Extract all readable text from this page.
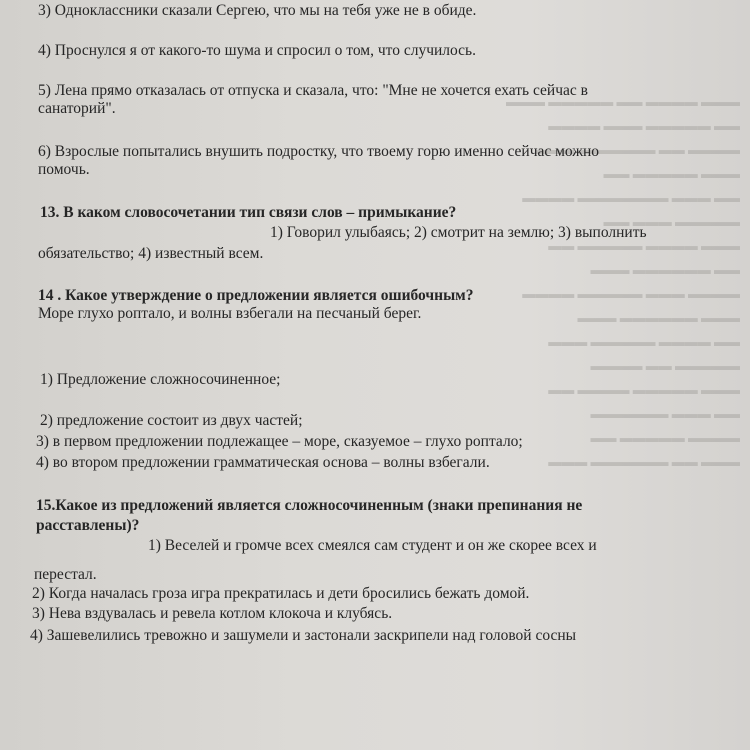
▬▬▬ ▬▬▬▬ ▬▬ ▬▬▬▬▬ ▬▬▬
▬▬ ▬▬▬▬▬ ▬▬▬ ▬▬▬▬
▬▬▬▬ ▬▬ ▬▬▬▬▬▬ ▬▬▬
▬▬▬ ▬▬▬▬▬ ▬▬
▬▬ ▬▬▬ ▬▬▬▬▬▬▬ ▬▬▬▬
▬▬▬▬▬ ▬▬▬ ▬▬
▬▬▬ ▬▬▬▬ ▬▬▬▬▬ ▬▬
▬▬ ▬▬▬▬▬▬ ▬▬▬
▬▬▬▬ ▬▬▬ ▬▬▬▬▬ ▬▬▬▬
▬▬▬ ▬▬▬▬▬▬ ▬▬▬
▬▬ ▬▬▬▬ ▬▬▬▬▬ ▬▬▬
▬▬▬▬▬ ▬▬ ▬▬▬▬
▬▬▬ ▬▬▬▬▬ ▬▬▬▬ ▬▬
▬▬ ▬▬▬ ▬▬▬▬▬▬
▬▬▬▬ ▬▬▬▬▬ ▬▬
▬▬▬ ▬▬ ▬▬▬▬▬▬ ▬▬▬
3) Одноклассники сказали Сергею, что мы на тебя уже не в обиде.
4) Проснулся я от какого-то шума и спросил о том, что случилось.
5) Лена прямо отказалась от отпуска и сказала, что: "Мне не хочется ехать сейчас в
санаторий".
6) Взрослые попытались внушить подростку, что твоему горю именно сейчас можно
помочь.
13. В каком словосочетании тип связи слов – примыкание?
1) Говорил улыбаясь; 2) смотрит на землю; 3) выполнить
обязательство; 4) известный всем.
14 . Какое утверждение о предложении является ошибочным?
Море глухо роптало, и волны взбегали на песчаный берег.
1) Предложение сложносочиненное;
2) предложение состоит из двух частей;
3) в первом предложении подлежащее – море, сказуемое – глухо роптало;
4) во втором предложении грамматическая основа – волны взбегали.
15.Какое из предложений является сложносочиненным (знаки препинания не
расставлены)?
1) Веселей и громче всех смеялся сам студент и он же скорее всех и
перестал.
2) Когда началась гроза игра прекратилась и дети бросились бежать домой.
3) Нева вздувалась и ревела котлом клокоча и клубясь.
4) Зашевелились тревожно и зашумели и застонали заскрипели над головой сосны
